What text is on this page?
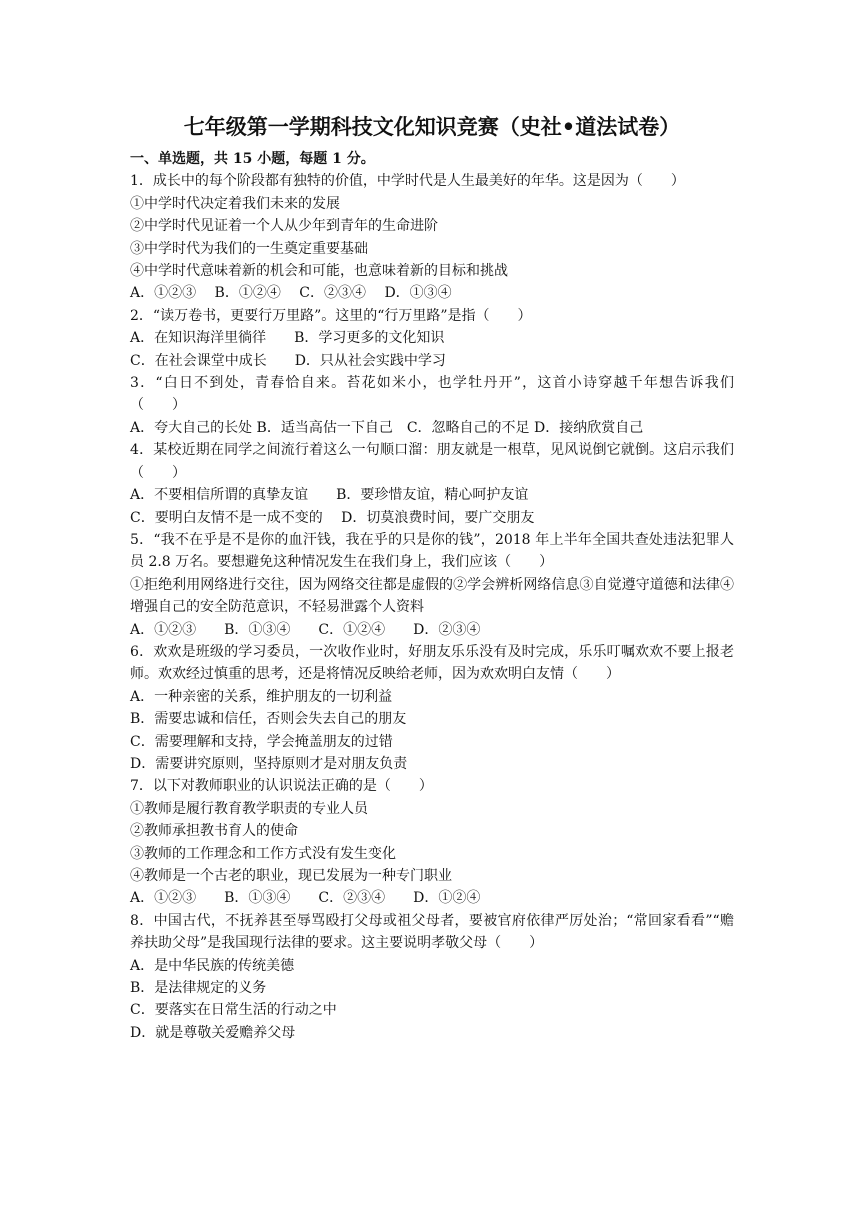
七年级第一学期科技文化知识竞赛（史社•道法试卷）
一、单选题，共 15 小题，每题 1 分。
1．成长中的每个阶段都有独特的价值，中学时代是人生最美好的年华。这是因为（　　）
①中学时代决定着我们未来的发展
②中学时代见证着一个人从少年到青年的生命进阶
③中学时代为我们的一生奠定重要基础
④中学时代意味着新的机会和可能，也意味着新的目标和挑战
A．①②③　 B．①②④　 C．②③④　 D．①③④
2．“读万卷书，更要行万里路”。这里的“行万里路”是指（　　）
A．在知识海洋里徜徉　　B．学习更多的文化知识
C．在社会课堂中成长　　D．只从社会实践中学习
3．“白日不到处，青春恰自来。苔花如米小，也学牡丹开”，这首小诗穿越千年想告诉我们（　　）
A．夸大自己的长处 B．适当高估一下自己　C．忽略自己的不足 D．接纳欣赏自己
4．某校近期在同学之间流行着这么一句顺口溜：朋友就是一根草，见风说倒它就倒。这启示我们（　　）
A．不要相信所谓的真挚友谊　　B．要珍惜友谊，精心呵护友谊
C．要明白友情不是一成不变的　 D．切莫浪费时间，要广交朋友
5．“我不在乎是不是你的血汗钱，我在乎的只是你的钱”，2018 年上半年全国共查处违法犯罪人员 2.8 万名。要想避免这种情况发生在我们身上，我们应该（　　）
①拒绝利用网络进行交往，因为网络交往都是虚假的②学会辨析网络信息③自觉遵守道德和法律④增强自己的安全防范意识，不轻易泄露个人资料
A．①②③　　B．①③④　　C．①②④　　D．②③④
6．欢欢是班级的学习委员，一次收作业时，好朋友乐乐没有及时完成，乐乐叮嘱欢欢不要上报老师。欢欢经过慎重的思考，还是将情况反映给老师，因为欢欢明白友情（　　）
A．一种亲密的关系，维护朋友的一切利益
B．需要忠诚和信任，否则会失去自己的朋友
C．需要理解和支持，学会掩盖朋友的过错
D．需要讲究原则，坚持原则才是对朋友负责
7．以下对教师职业的认识说法正确的是（　　）
①教师是履行教育教学职责的专业人员
②教师承担教书育人的使命
③教师的工作理念和工作方式没有发生变化
④教师是一个古老的职业，现已发展为一种专门职业
A．①②③　　B．①③④　　C．②③④　　D．①②④
8．中国古代，不抚养甚至辱骂殴打父母或祖父母者，要被官府依律严厉处治；“常回家看看”“赡养扶助父母”是我国现行法律的要求。这主要说明孝敬父母（　　）
A．是中华民族的传统美德
B．是法律规定的义务
C．要落实在日常生活的行动之中
D．就是尊敬关爱赡养父母
